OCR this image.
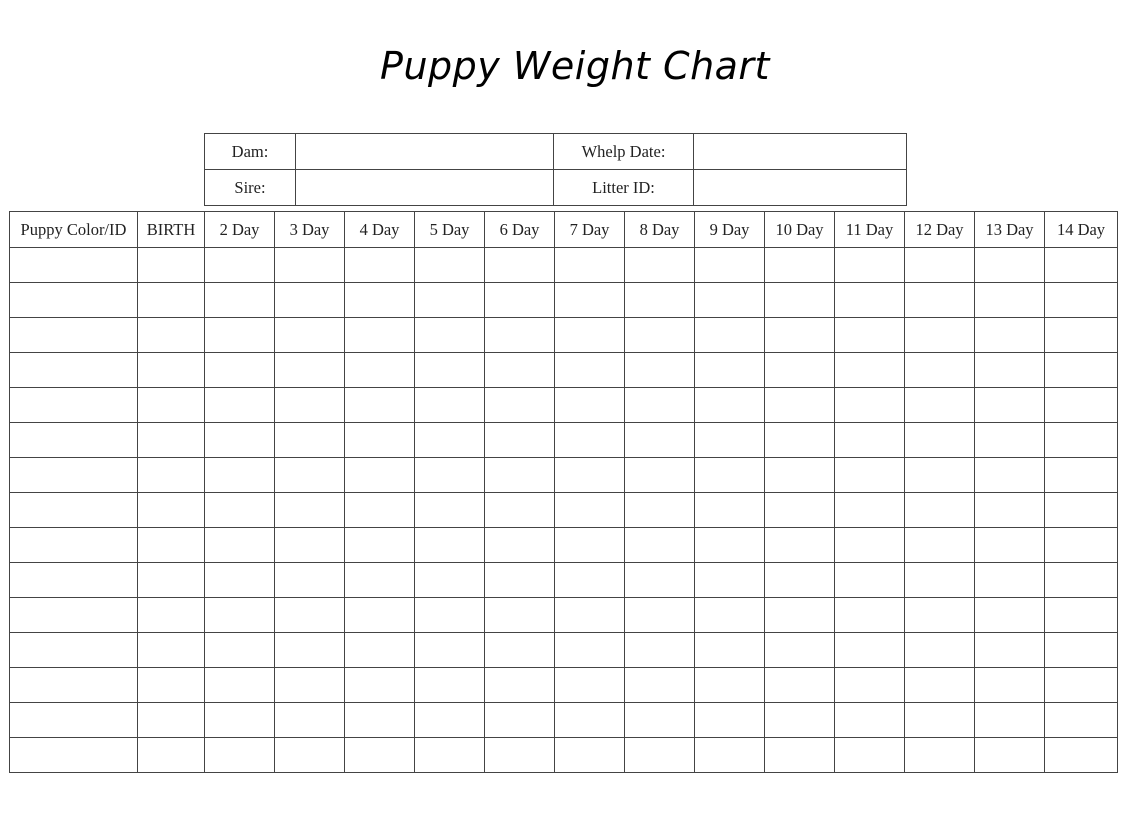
Puppy Weight Chart
Dam:		Whelp Date:	
Sire:		Litter ID:	
Puppy Color/ID	BIRTH	2 Day	3 Day	4 Day	5 Day	6 Day	7 Day	8 Day	9 Day	10 Day	11 Day	12 Day	13 Day	14 Day
